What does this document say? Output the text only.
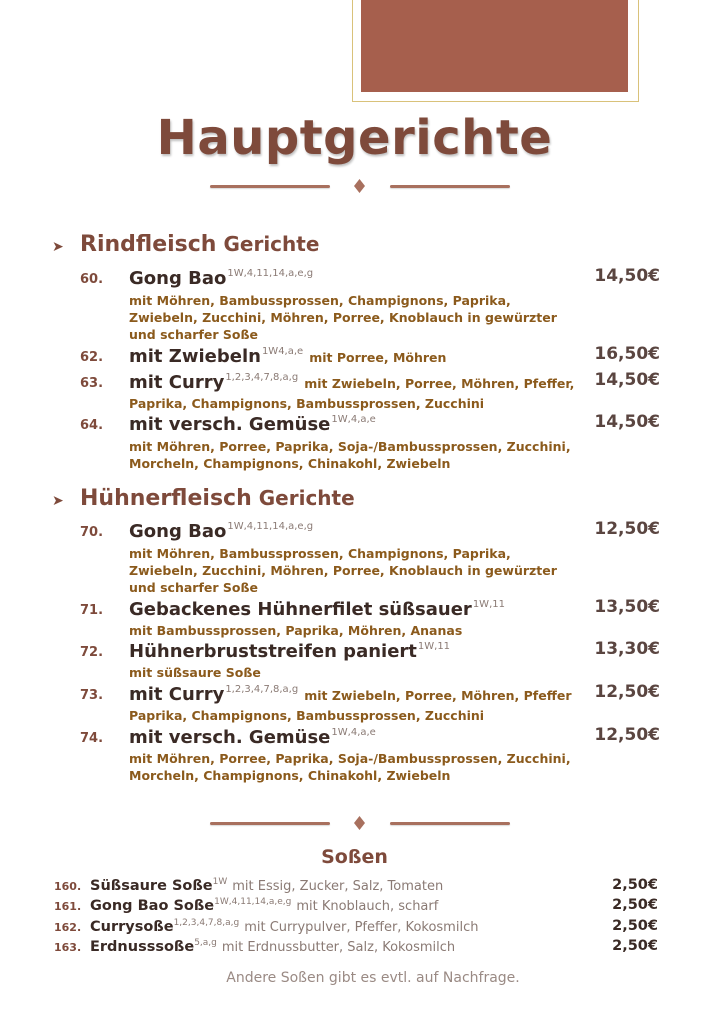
Hauptgerichte
➤ Rindfleisch Gerichte
60. Gong Bao$^{1W,4,11,14,a,e,g}$	14,50€
mit Möhren, Bambussprossen, Champignons, Paprika,
Zwiebeln, Zucchini, Möhren, Porree, Knoblauch in gewürzter
und scharfer Soße
62. mit Zwiebeln$^{1W4,a,e}$ mit Porree, Möhren	16,50€
63. mit Curry$^{1,2,3,4,7,8,a,g}$ mit Zwiebeln, Porree, Möhren, Pfeffer, 14,50€
Paprika, Champignons, Bambussprossen, Zucchini
64. mit versch. Gemüse$^{1W,4,a,e}$	14,50€
mit Möhren, Porree, Paprika, Soja-/Bambussprossen, Zucchini,
Morcheln, Champignons, Chinakohl, Zwiebeln
➤ Hühnerfleisch Gerichte
70. Gong Bao$^{1W,4,11,14,a,e,g}$	12,50€
mit Möhren, Bambussprossen, Champignons, Paprika,
Zwiebeln, Zucchini, Möhren, Porree, Knoblauch in gewürzter
und scharfer Soße
71. Gebackenes Hühnerfilet süßsauer$^{1W,11}$	13,50€
mit Bambussprossen, Paprika, Möhren, Ananas
72. Hühnerbruststreifen paniert$^{1W,11}$	13,30€
mit süßsaure Soße
73. mit Curry$^{1,2,3,4,7,8,a,g}$ mit Zwiebeln, Porree, Möhren, Pfeffer 12,50€
Paprika, Champignons, Bambussprossen, Zucchini
74. mit versch. Gemüse$^{1W,4,a,e}$	12,50€
mit Möhren, Porree, Paprika, Soja-/Bambussprossen, Zucchini,
Morcheln, Champignons, Chinakohl, Zwiebeln
Soßen
160. Süßsaure Soße$^{1W}$ mit Essig, Zucker, Salz, Tomaten	2,50€
161. Gong Bao Soße$^{1W,4,11,14,a,e,g}$ mit Knoblauch, scharf	2,50€
162. Currysoße$^{1,2,3,4,7,8,a,g}$ mit Currypulver, Pfeffer, Kokosmilch	2,50€
163. Erdnusssoße$^{5,a,g}$ mit Erdnussbutter, Salz, Kokosmilch	2,50€
Andere Soßen gibt es evtl. auf Nachfrage.
